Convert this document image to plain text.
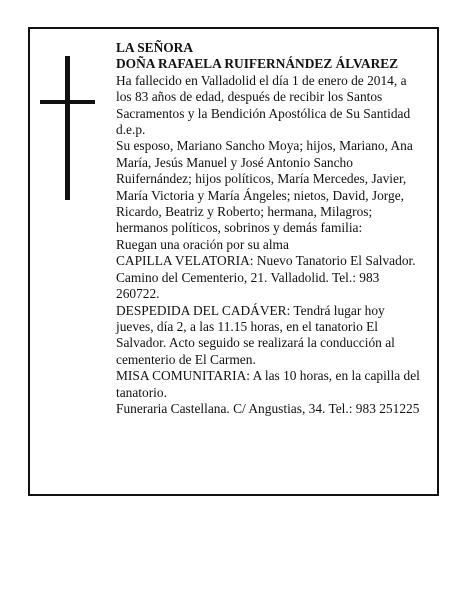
LA SEÑORA

DOÑA RAFAELA RUIFERNÁNDEZ ÁLVAREZ

Ha fallecido en Valladolid el día 1 de enero de 2014, a los 83 años de edad, después de recibir los Santos Sacramentos y la Bendición Apostólica de Su Santidad d.e.p.

Su esposo, Mariano Sancho Moya; hijos, Mariano, Ana María, Jesús Manuel y José Antonio Sancho Ruifernández; hijos políticos, María Mercedes, Javier, María Victoria y María Ángeles; nietos, David, Jorge, Ricardo, Beatriz y Roberto; hermana, Milagros; hermanos políticos, sobrinos y demás familia:

Ruegan una oración por su alma

CAPILLA VELATORIA: Nuevo Tanatorio El Salvador. Camino del Cementerio, 21. Valladolid. Tel.: 983 260722.

DESPEDIDA DEL CADÁVER: Tendrá lugar hoy jueves, día 2, a las 11.15 horas, en el tanatorio El Salvador. Acto seguido se realizará la conducción al cementerio de El Carmen.

MISA COMUNITARIA: A las 10 horas, en la capilla del tanatorio.

Funeraria Castellana. C/ Angustias, 34. Tel.: 983 251225
